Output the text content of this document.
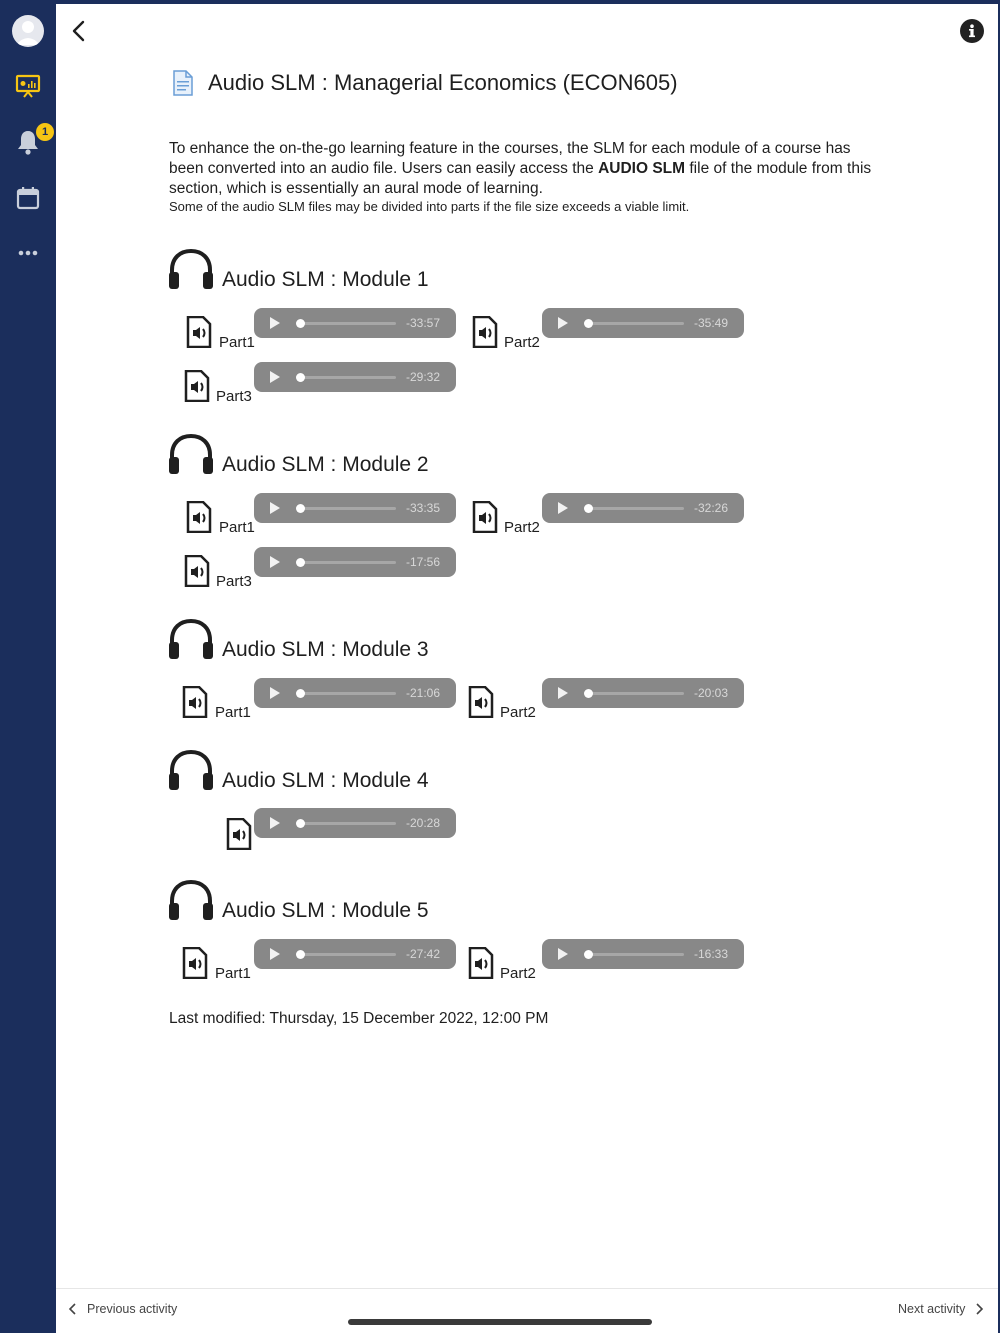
1
Audio SLM : Managerial Economics (ECON605)
To enhance the on-the-go learning feature in the courses, the SLM for each module of a course has been converted into an audio file. Users can easily access the AUDIO SLM file of the module from this section, which is essentially an aural mode of learning.
Some of the audio SLM files may be divided into parts if the file size exceeds a viable limit.
Audio SLM : Module 1
Part1
-33:57
Part2
-35:49
Part3
-29:32
Audio SLM : Module 2
Part1
-33:35
Part2
-32:26
Part3
-17:56
Audio SLM : Module 3
Part1
-21:06
Part2
-20:03
Audio SLM : Module 4
-20:28
Audio SLM : Module 5
Part1
-27:42
Part2
-16:33
Last modified: Thursday, 15 December 2022, 12:00 PM
Previous activity	Next activity
